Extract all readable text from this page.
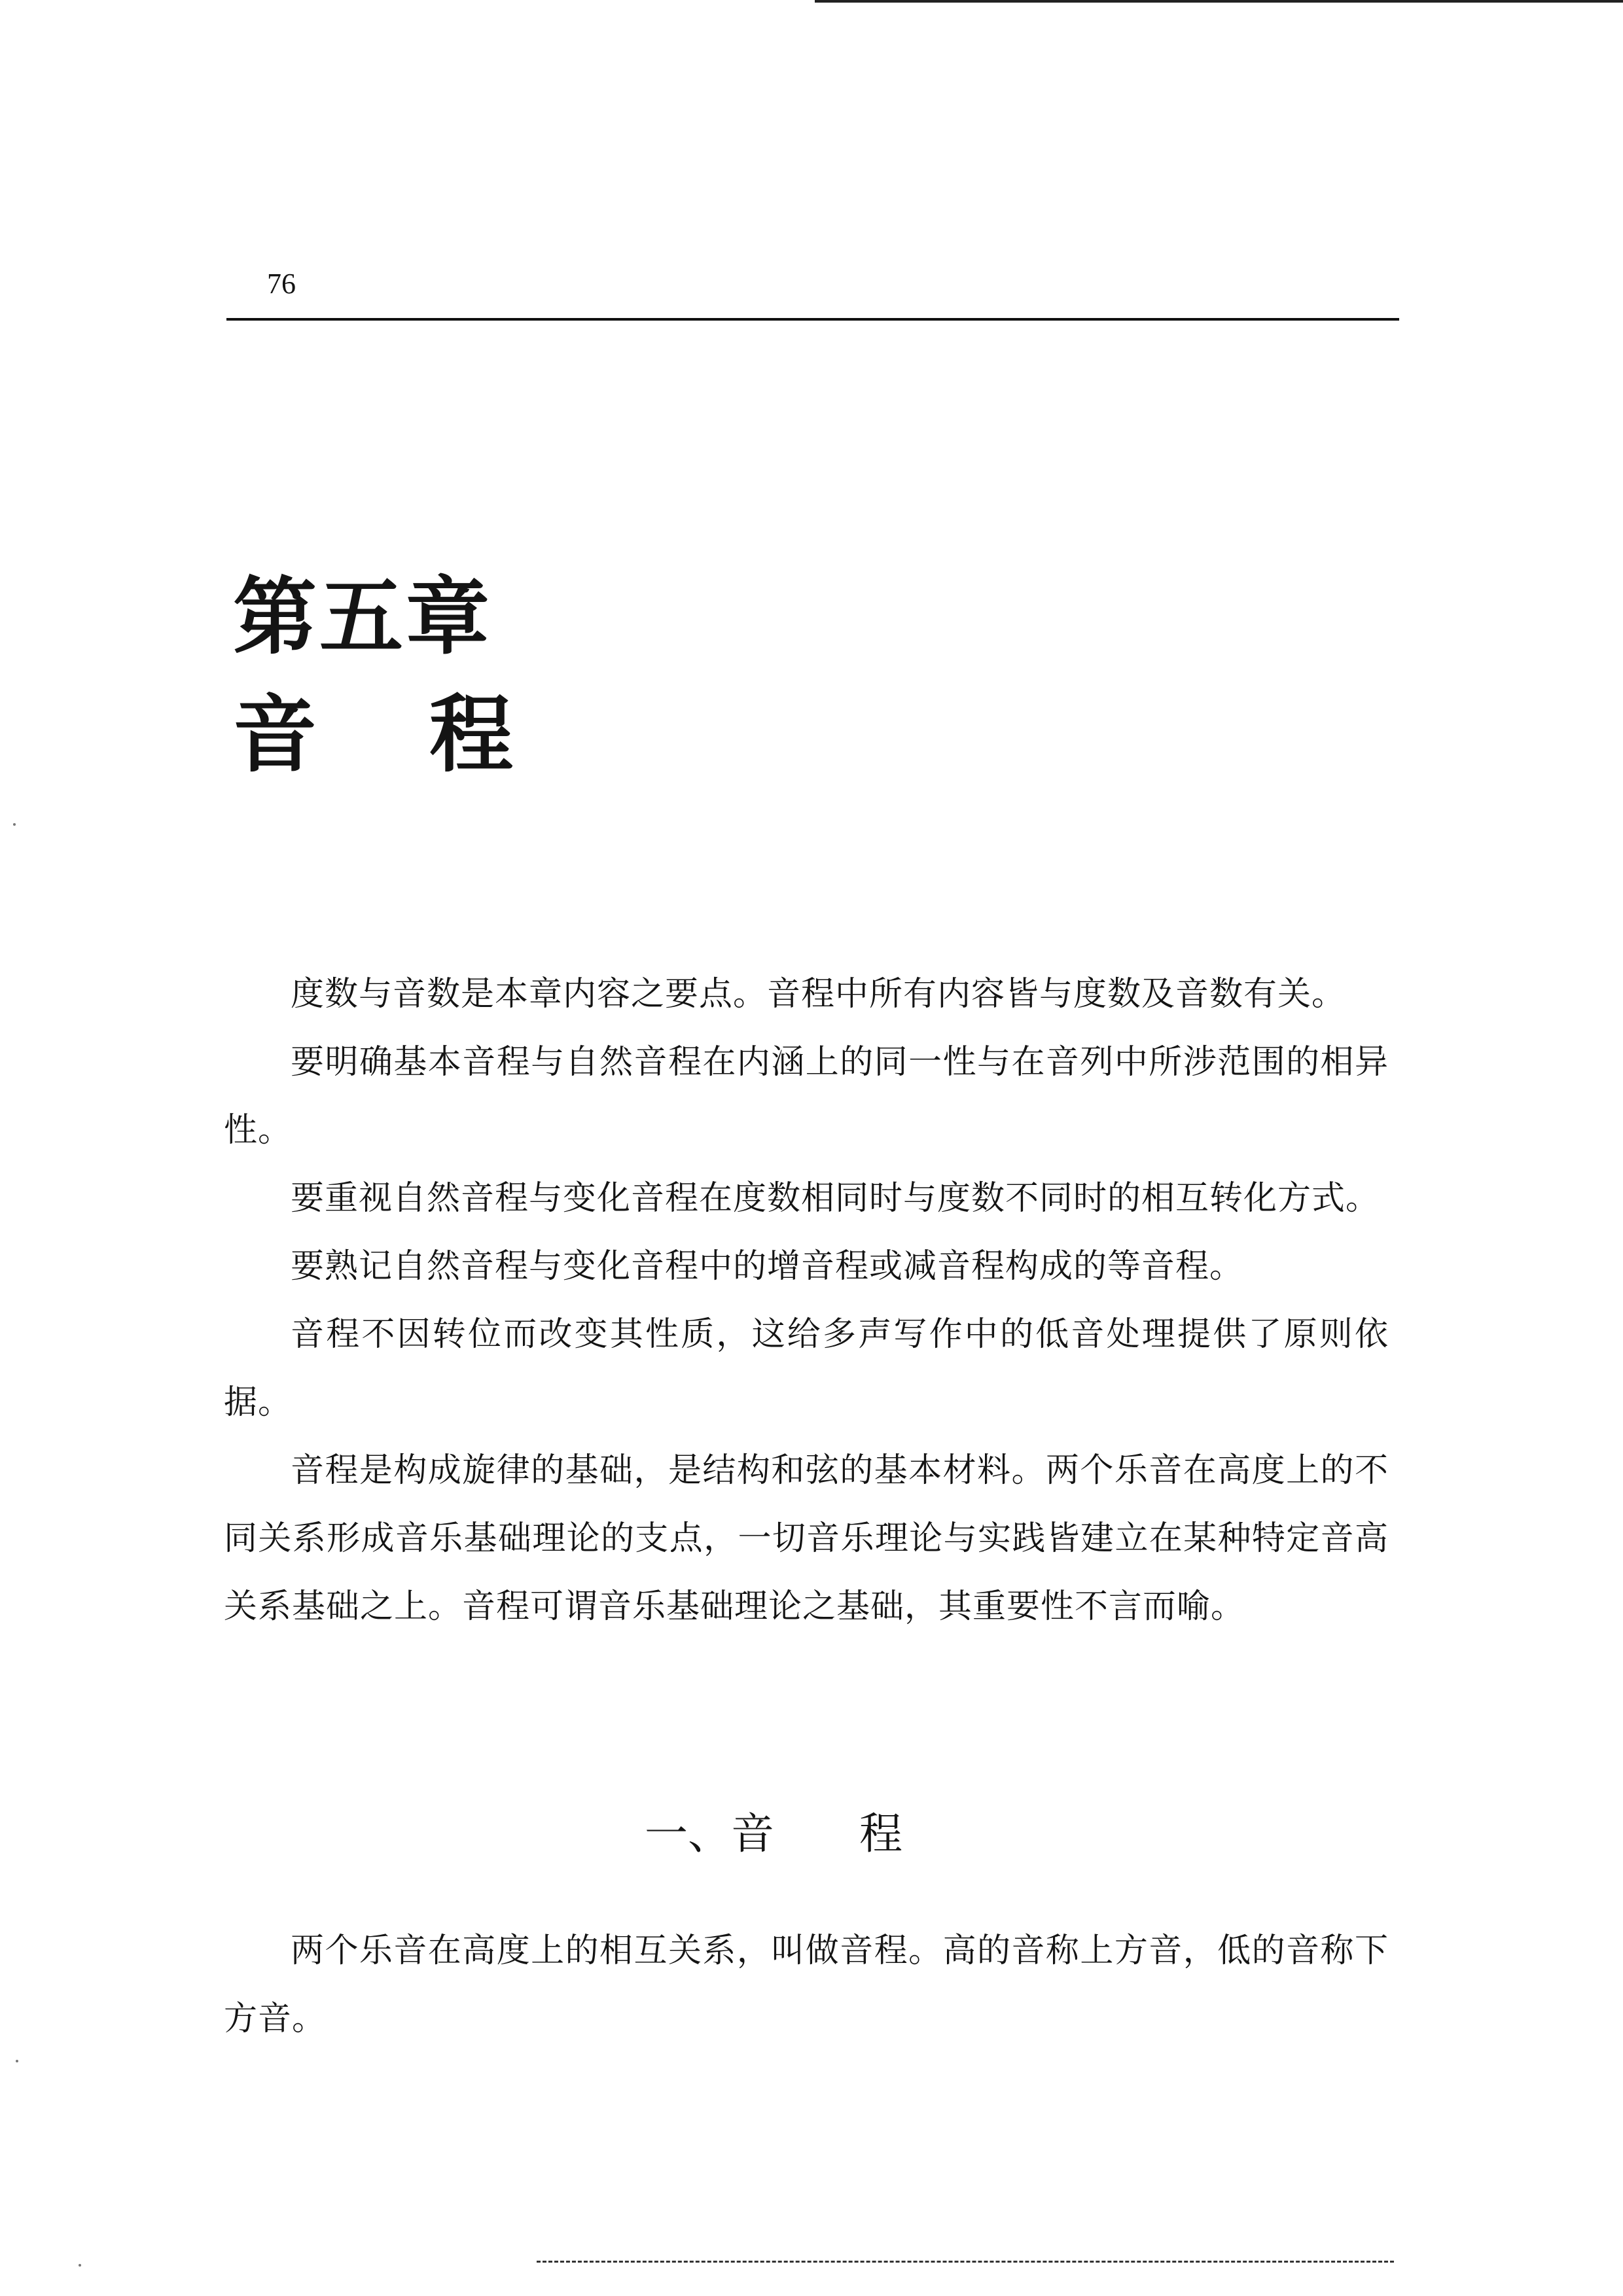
76
第五章
音 程

度数与音数是本章内容之要点。音程中所有内容皆与度数及音数有关。

要明确基本音程与自然音程在内涵上的同一性与在音列中所涉范围的相异性。

要重视自然音程与变化音程在度数相同时与度数不同时的相互转化方式。

要熟记自然音程与变化音程中的增音程或减音程构成的等音程。

音程不因转位而改变其性质，这给多声写作中的低音处理提供了原则依据。

音程是构成旋律的基础，是结构和弦的基本材料。两个乐音在高度上的不同关系形成音乐基础理论的支点，一切音乐理论与实践皆建立在某种特定音高关系基础之上。音程可谓音乐基础理论之基础，其重要性不言而喻。

一、音 程

两个乐音在高度上的相互关系，叫做音程。高的音称上方音，低的音称下方音。
